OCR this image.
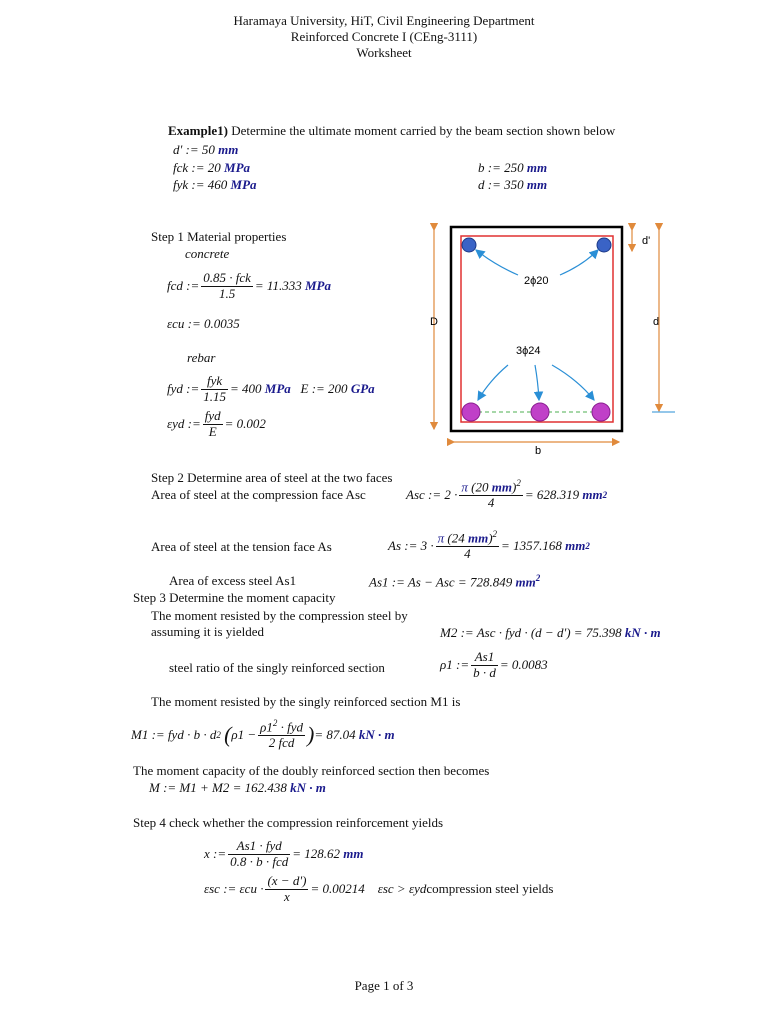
Haramaya University, HiT, Civil Engineering Department
Reinforced Concrete I (CEng-3111)
Worksheet
Example1) Determine the ultimate moment carried by the beam section shown below
d' := 50 mm
fck := 20 MPa
fyk := 460 MPa
b := 250 mm
d := 350 mm
Step 1 Material properties
concrete
fcd := $\frac{\text{0.85 · fck}}{1.5} = 11.333$
MPa
εcu := 0.0035
rebar
fyd := $\frac{\text{fyk}}{1.15} = 400$
MPa
E := 200
GPa
εyd := $\frac{\text{fyd}}{E} = 0.002$
2ϕ20
3ϕ24
D	d
d'
b
Step 2 Determine area of steel at the two faces
Area of steel at the compression face Asc	Asc := $2 \cdot \frac{\pi (20 mm)^2}{4} = 628.319$
mm 2
Area of steel at the tension face As	As := $3 \cdot \frac{\pi (24 mm)^2}{4} = 1357.168$
mm 2
Area of excess steel As1	As1 := As − Asc = 728.849 $mm^2$
Step 3 Determine the moment capacity
The moment resisted by the compression steel by
assuming it is yielded	M2 := Asc · fyd · (d − d') = 75.398 kN · m
steel ratio of the singly reinforced section	ρ1 := $\frac{As1}{b \cdot d} = 0.0083$
The moment resisted by the singly reinforced section M1 is
M1 := fyd · b · d 2
( $\rho 1 - \frac{\rho 1^2 \cdot fyd}{\text{2 fcd}}$ ) = 87.04
kN · m
The moment capacity of the doubly reinforced section then becomes
M := M1 + M2 = 162.438 kN · m
Step 4 check whether the compression reinforcement yields
x := $\frac{\text{As1 · fyd}}{\text{0.8 · b · fcd}} = 128.62$
mm
εsc := $\varepsilon cu \cdot \frac{(x - d')}{x} = 0.00214$
εsc > εyd compression steel yields
Page 1 of 3
